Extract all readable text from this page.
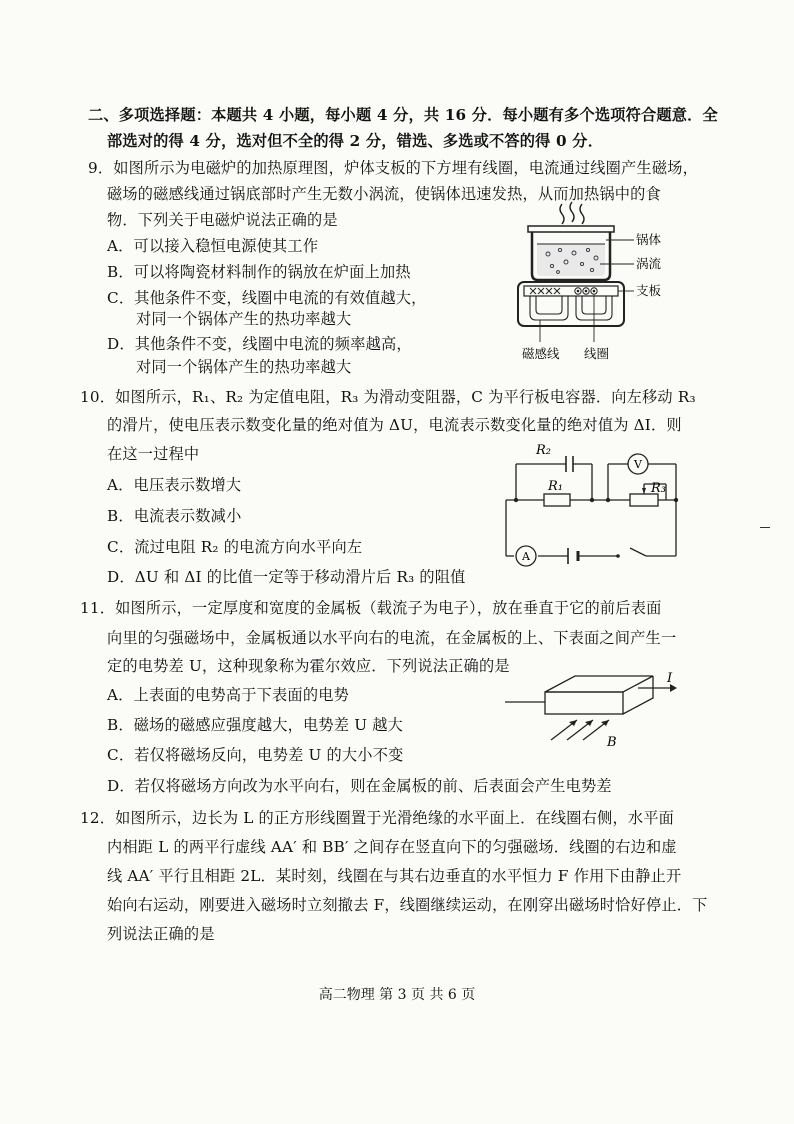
二、多项选择题：本题共 4 小题，每小题 4 分，共 16 分．每小题有多个选项符合题意．全
部选对的得 4 分，选对但不全的得 2 分，错选、多选或不答的得 0 分．
9．如图所示为电磁炉的加热原理图，炉体支板的下方埋有线圈，电流通过线圈产生磁场，
磁场的磁感线通过锅底部时产生无数小涡流，使锅体迅速发热，从而加热锅中的食
物．下列关于电磁炉说法正确的是
A．可以接入稳恒电源使其工作
B．可以将陶瓷材料制作的锅放在炉面上加热
C．其他条件不变，线圈中电流的有效值越大，
对同一个锅体产生的热功率越大
D．其他条件不变，线圈中电流的频率越高，
对同一个锅体产生的热功率越大
锅体
涡流
支板
磁感线 线圈
10．如图所示，R₁、R₂ 为定值电阻，R₃ 为滑动变阻器，C 为平行板电容器．向左移动 R₃
的滑片，使电压表示数变化量的绝对值为 ΔU，电流表示数变化量的绝对值为 ΔI．则
在这一过程中
A．电压表示数增大
B．电流表示数减小
C．流过电阻 R₂ 的电流方向水平向左
D．ΔU 和 ΔI 的比值一定等于移动滑片后 R₃ 的阻值
R₂
R₁	R₃
V
A
11．如图所示，一定厚度和宽度的金属板（载流子为电子），放在垂直于它的前后表面
向里的匀强磁场中，金属板通以水平向右的电流，在金属板的上、下表面之间产生一
定的电势差 U，这种现象称为霍尔效应．下列说法正确的是
A．上表面的电势高于下表面的电势
B．磁场的磁感应强度越大，电势差 U 越大
C．若仅将磁场反向，电势差 U 的大小不变
D．若仅将磁场方向改为水平向右，则在金属板的前、后表面会产生电势差
I
B
12．如图所示，边长为 L 的正方形线圈置于光滑绝缘的水平面上．在线圈右侧，水平面
内相距 L 的两平行虚线 AA′ 和 BB′ 之间存在竖直向下的匀强磁场．线圈的右边和虚
线 AA′ 平行且相距 2L．某时刻，线圈在与其右边垂直的水平恒力 F 作用下由静止开
始向右运动，刚要进入磁场时立刻撤去 F，线圈继续运动，在刚穿出磁场时恰好停止．下
列说法正确的是
高二物理 第 3 页 共 6 页
